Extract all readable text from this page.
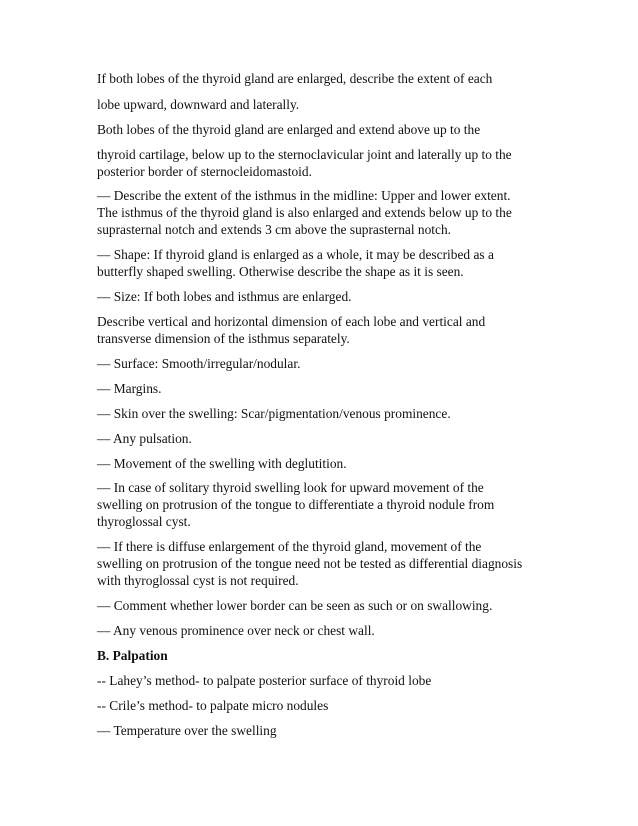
If both lobes of the thyroid gland are enlarged, describe the extent of each

lobe upward, downward and laterally.

Both lobes of the thyroid gland are enlarged and extend above up to the

thyroid cartilage, below up to the sternoclavicular joint and laterally up to the
posterior border of sternocleidomastoid.

— Describe the extent of the isthmus in the midline: Upper and lower extent.
The isthmus of the thyroid gland is also enlarged and extends below up to the
suprasternal notch and extends 3 cm above the suprasternal notch.

— Shape: If thyroid gland is enlarged as a whole, it may be described as a
butterfly shaped swelling. Otherwise describe the shape as it is seen.

— Size: If both lobes and isthmus are enlarged.

Describe vertical and horizontal dimension of each lobe and vertical and
transverse dimension of the isthmus separately.

— Surface: Smooth/irregular/nodular.

— Margins.

— Skin over the swelling: Scar/pigmentation/venous prominence.

— Any pulsation.

— Movement of the swelling with deglutition.

— In case of solitary thyroid swelling look for upward movement of the
swelling on protrusion of the tongue to differentiate a thyroid nodule from
thyroglossal cyst.

— If there is diffuse enlargement of the thyroid gland, movement of the
swelling on protrusion of the tongue need not be tested as differential diagnosis
with thyroglossal cyst is not required.

— Comment whether lower border can be seen as such or on swallowing.

— Any venous prominence over neck or chest wall.

B. Palpation

-- Lahey’s method- to palpate posterior surface of thyroid lobe

-- Crile’s method- to palpate micro nodules

— Temperature over the swelling
